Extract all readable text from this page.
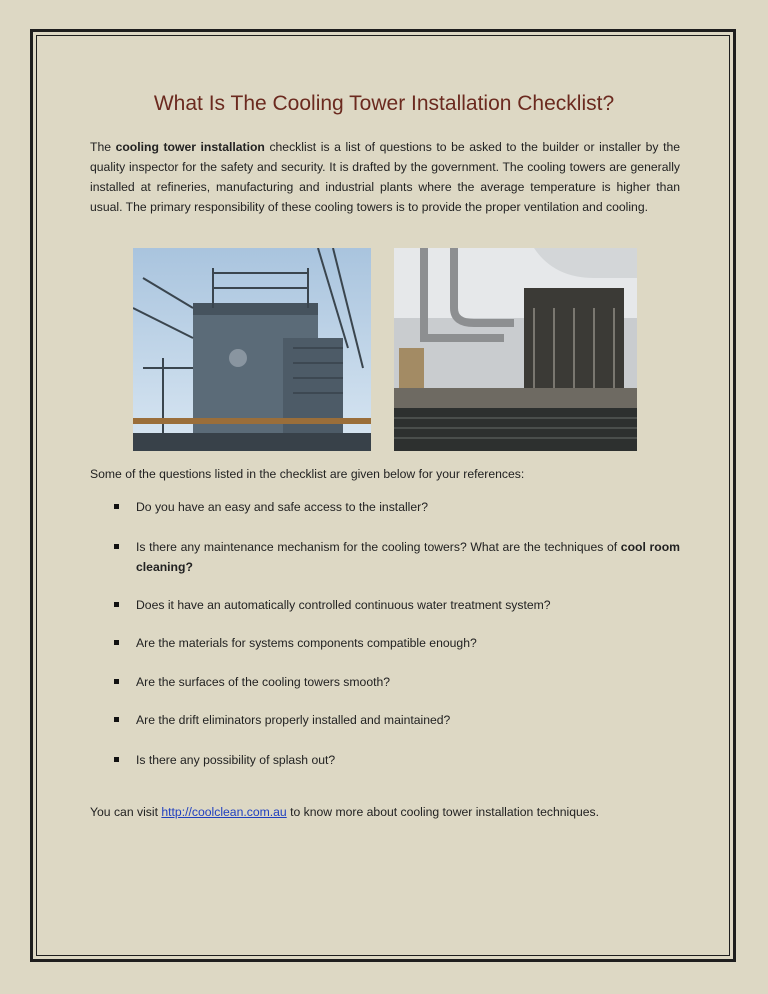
What Is The Cooling Tower Installation Checklist?

The cooling tower installation checklist is a list of questions to be asked to the builder or installer by the quality inspector for the safety and security. It is drafted by the government. The cooling towers are generally installed at refineries, manufacturing and industrial plants where the average temperature is higher than usual. The primary responsibility of these cooling towers is to provide the proper ventilation and cooling.

Some of the questions listed in the checklist are given below for your references:

Do you have an easy and safe access to the installer?
Is there any maintenance mechanism for the cooling towers? What are the techniques of cool room cleaning?
Does it have an automatically controlled continuous water treatment system?
Are the materials for systems components compatible enough?
Are the surfaces of the cooling towers smooth?
Are the drift eliminators properly installed and maintained?
Is there any possibility of splash out?

You can visit http://coolclean.com.au to know more about cooling tower installation techniques.
